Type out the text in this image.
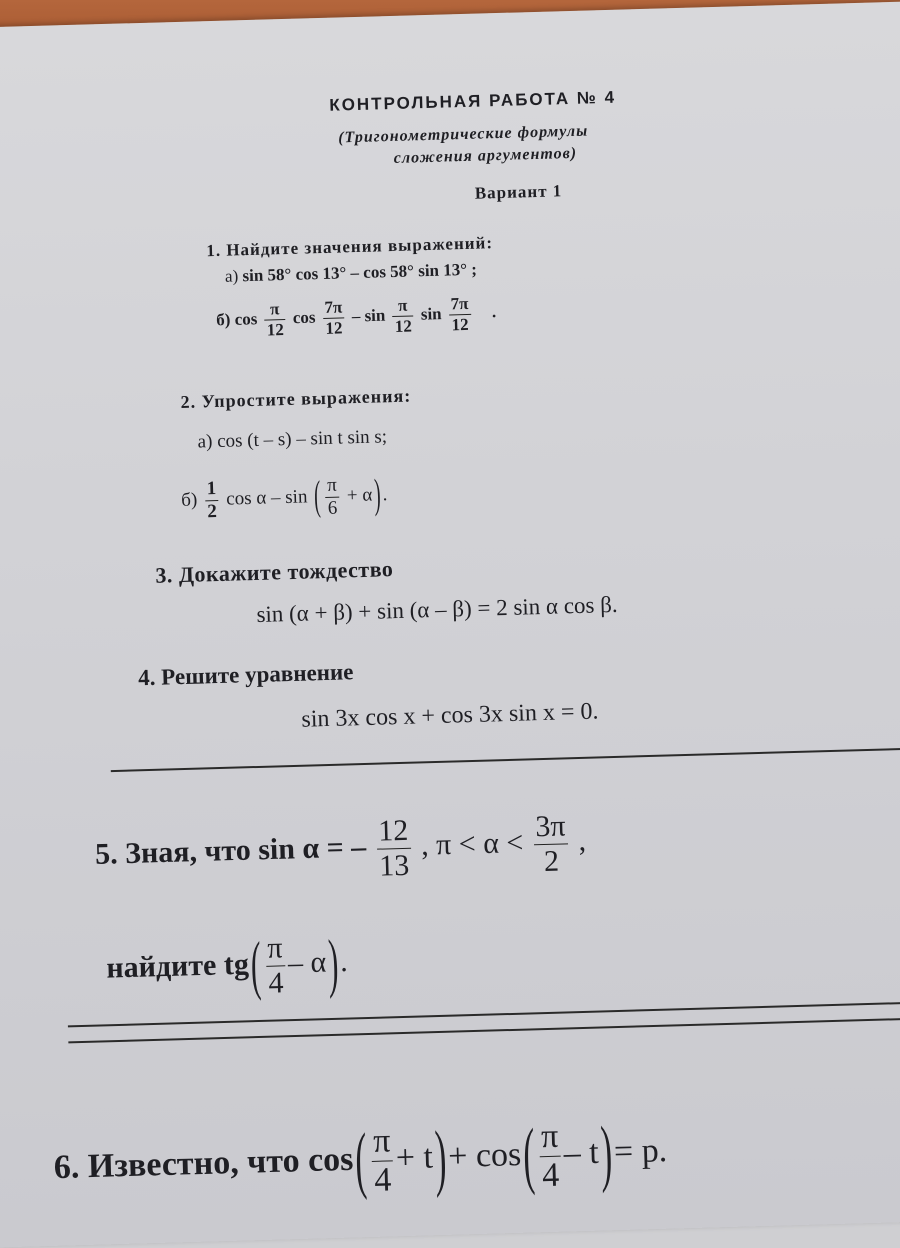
КОНТРОЛЬНАЯ РАБОТА № 4
(Тригонометрические формулы
сложения аргументов)
Вариант 1
1. Найдите значения выражений:
а) sin 58° cos 13° – cos 58° sin 13° ;
б) $\cos \frac{\pi}{12}$ $\cos \frac{7\pi}{12}$ – $\sin \frac{\pi}{12}$ $\sin \frac{7\pi}{12}$ .
2. Упростите выражения:
а) cos (t – s) – sin t sin s;
$б) \frac{1}{2}$ cos α – sin ( $\frac{\pi}{6} + \alpha$).
3. Докажите тождество
sin (α + β) + sin (α – β) = 2 sin α cos β.
4. Решите уравнение
sin 3x cos x + cos 3x sin x = 0.
5. Зная, что sin α = – $\frac{12}{13}$ , $\pi < \alpha < \frac{3\pi}{2}$ ,
найдите $tg( \frac{\pi}{4} - \alpha)$.
6. Известно, что $\cos( \frac{\pi}{4} + t)+ \cos( \frac{\pi}{4} - t)= p$.
